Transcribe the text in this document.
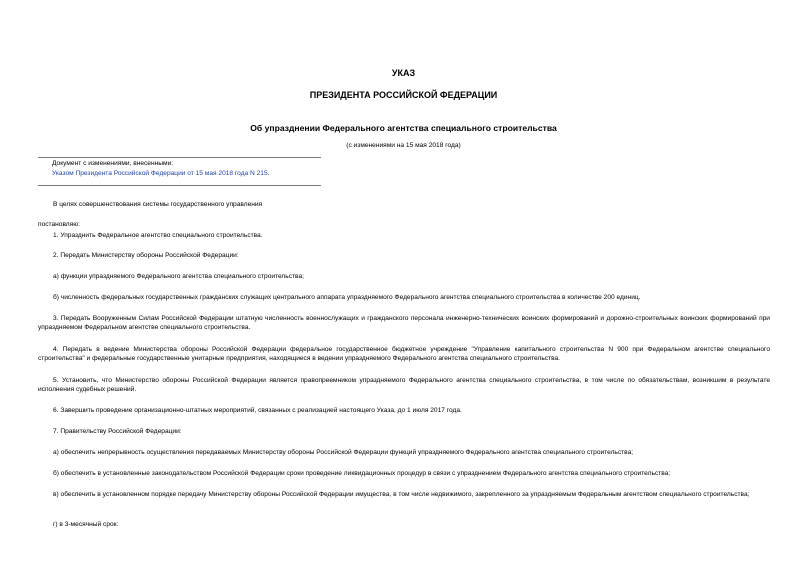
УКАЗ
ПРЕЗИДЕНТА РОССИЙСКОЙ ФЕДЕРАЦИИ
Об упразднении Федерального агентства специального строительства
(с изменениями на 15 мая 2018 года)
Документ с изменениями, внесенными:
Указом Президента Российской Федерации от 15 мая 2018 года N 215.
В целях совершенствования системы государственного управления
постановляю:
1. Упразднить Федеральное агентство специального строительства.
2. Передать Министерству обороны Российской Федерации:
а) функции упраздняемого Федерального агентства специального строительства;
б) численность федеральных государственных гражданских служащих центрального аппарата упраздняемого Федерального агентства специального строительства в количестве 200 единиц.
3. Передать Вооруженным Силам Российской Федерации штатную численность военнослужащих и гражданского персонала инженерно-технических воинских формирований и дорожно-строительных воинских формирований при упраздняемом Федеральном агентстве специального строительства.
4. Передать в ведение Министерства обороны Российской Федерации федеральное государственное бюджетное учреждение "Управление капитального строительства N 900 при Федеральном агентстве специального строительства" и федеральные государственные унитарные предприятия, находящиеся в ведении упраздняемого Федерального агентства специального строительства.
5. Установить, что Министерство обороны Российской Федерации является правопреемником упраздняемого Федерального агентства специального строительства, в том числе по обязательствам, возникшим в результате исполнения судебных решений.
6. Завершить проведение организационно-штатных мероприятий, связанных с реализацией настоящего Указа, до 1 июля 2017 года.
7. Правительству Российской Федерации:
а) обеспечить непрерывность осуществления передаваемых Министерству обороны Российской Федерации функций упраздняемого Федерального агентства специального строительства;
б) обеспечить в установленные законодательством Российской Федерации сроки проведение ликвидационных процедур в связи с упразднением Федерального агентства специального строительства;
в) обеспечить в установленном порядке передачу Министерству обороны Российской Федерации имущества, в том числе недвижимого, закрепленного за упраздняемым Федеральным агентством специального строительства;
г) в 3-месячный срок:
